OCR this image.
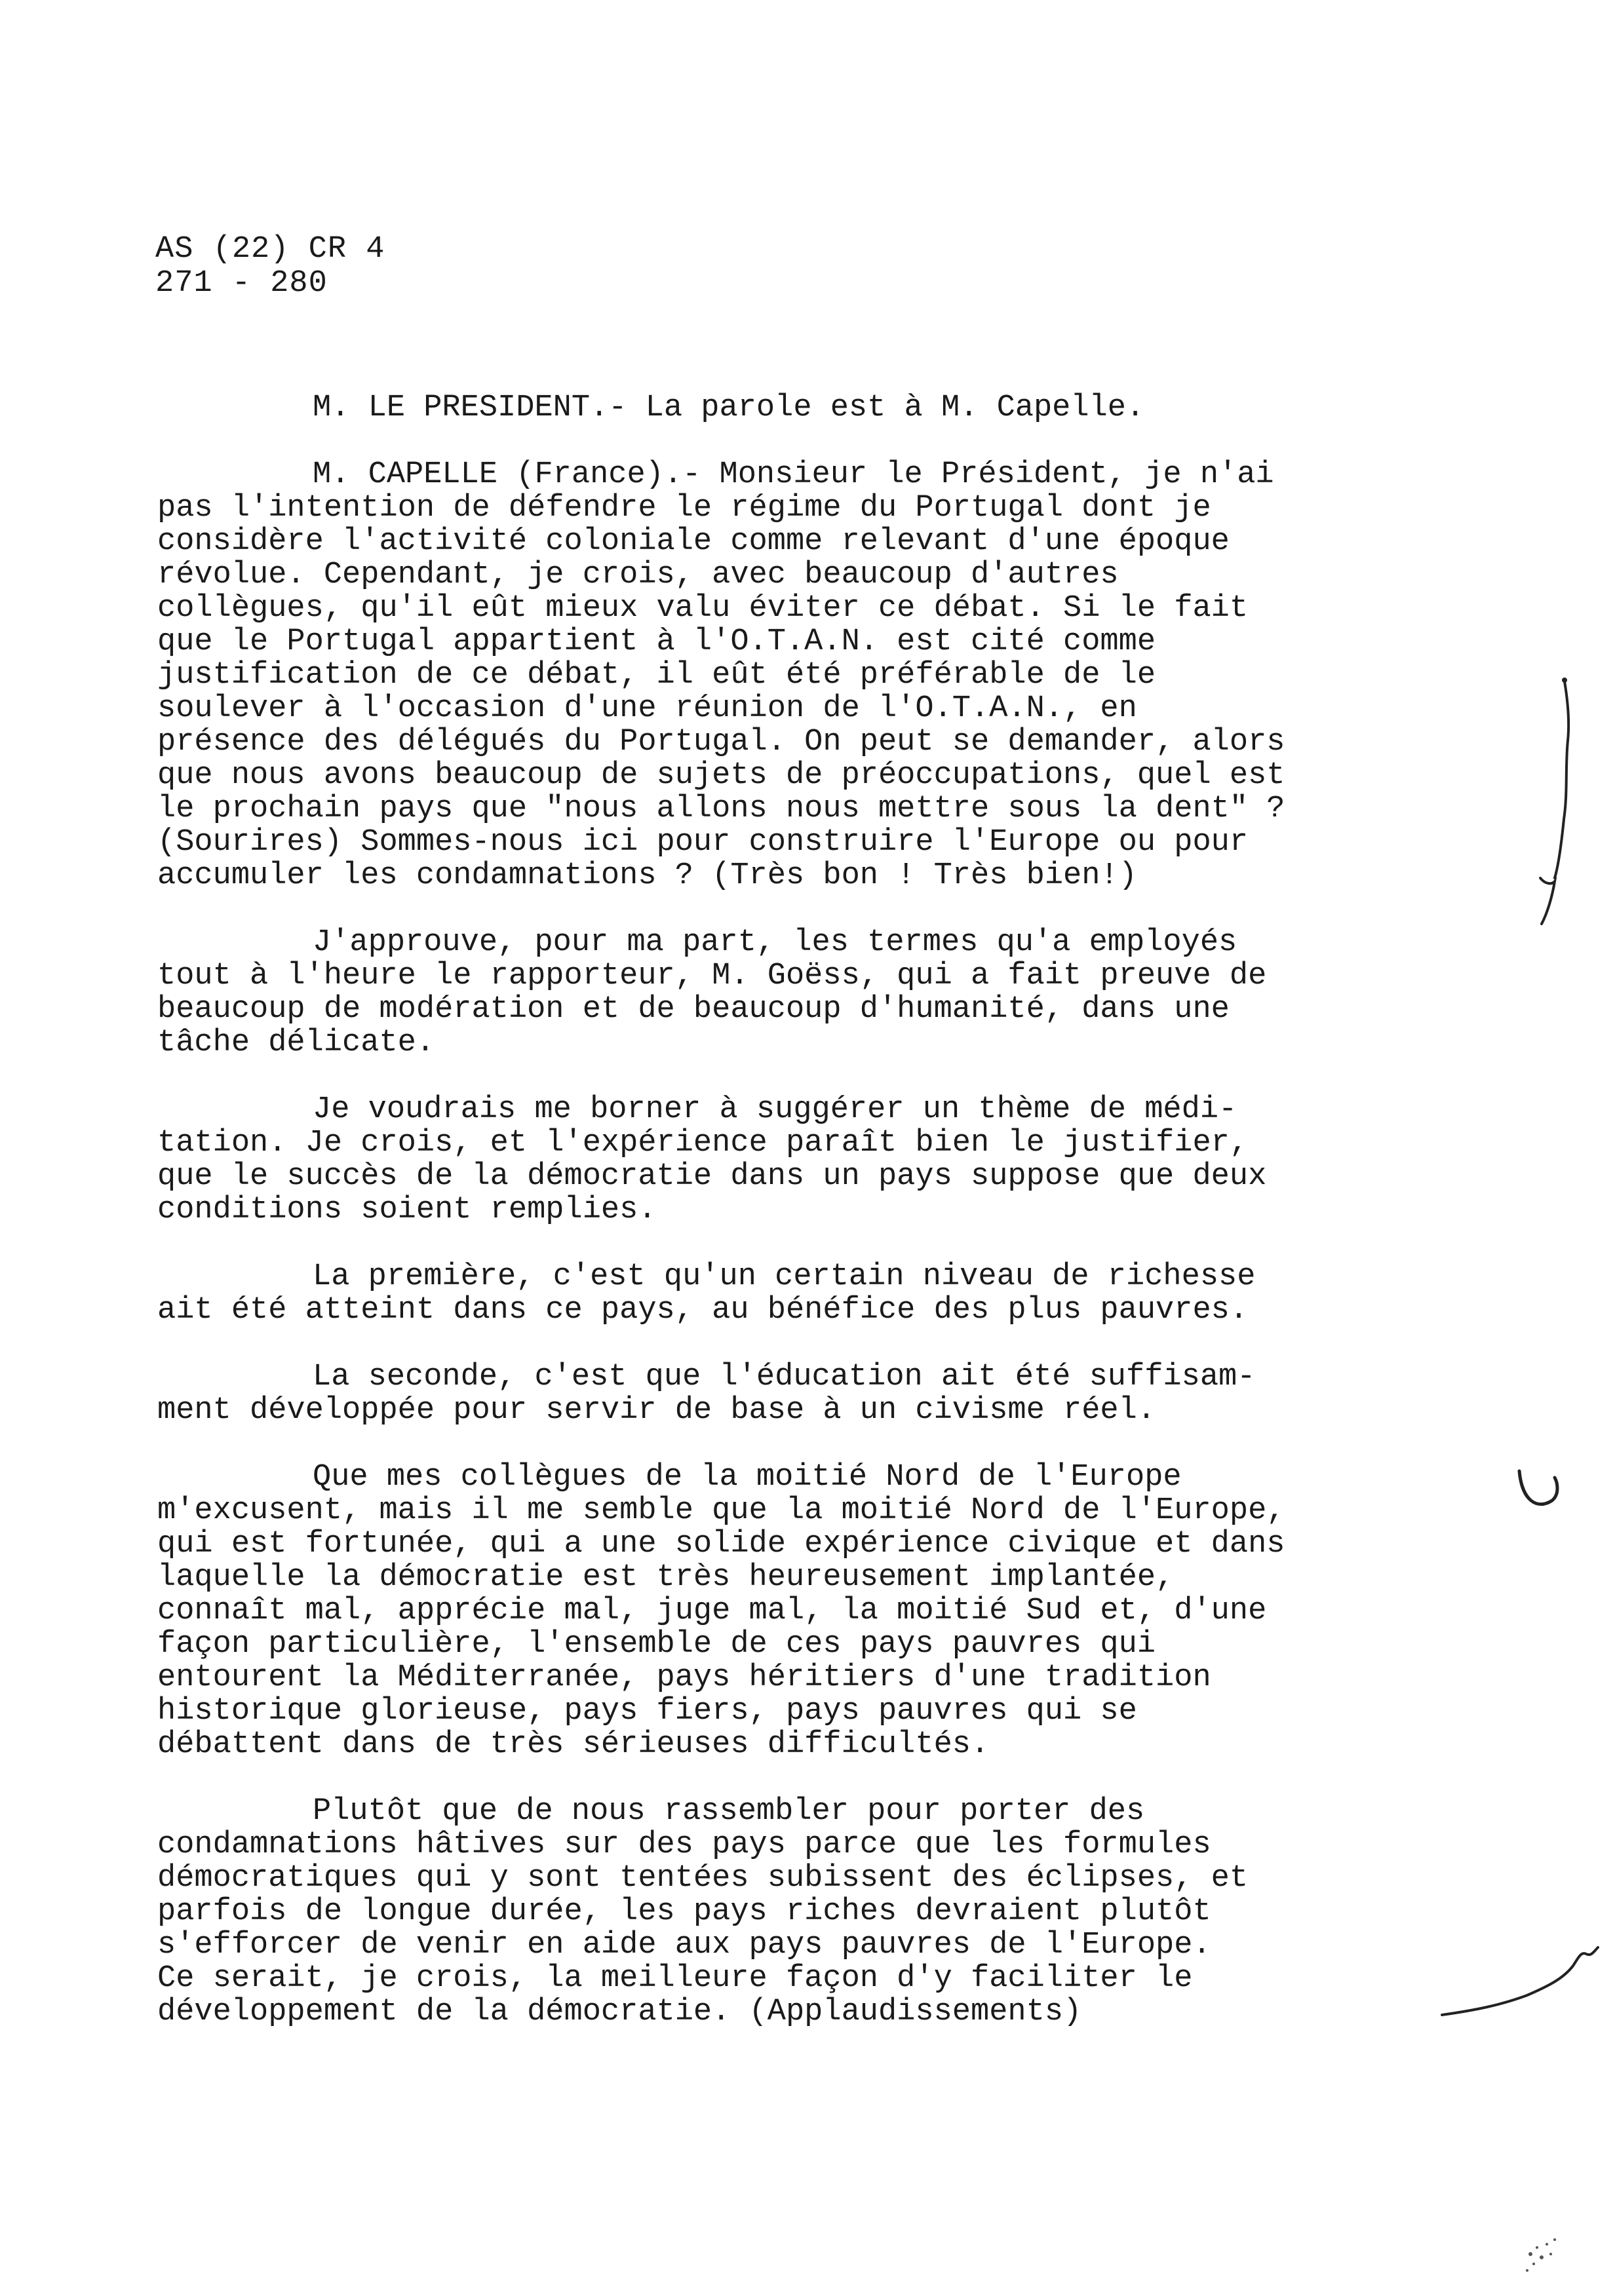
AS (22) CR 4
271 - 280
M. LE PRESIDENT.- La parole est à M. Capelle.
M. CAPELLE (France).- Monsieur le Président, je n'ai
pas l'intention de défendre le régime du Portugal dont je
considère l'activité coloniale comme relevant d'une époque
révolue. Cependant, je crois, avec beaucoup d'autres
collègues, qu'il eût mieux valu éviter ce débat. Si le fait
que le Portugal appartient à l'O.T.A.N. est cité comme
justification de ce débat, il eût été préférable de le
soulever à l'occasion d'une réunion de l'O.T.A.N., en
présence des délégués du Portugal. On peut se demander, alors
que nous avons beaucoup de sujets de préoccupations, quel est
le prochain pays que "nous allons nous mettre sous la dent" ?
(Sourires) Sommes-nous ici pour construire l'Europe ou pour
accumuler les condamnations ? (Très bon ! Très bien!)
J'approuve, pour ma part, les termes qu'a employés
tout à l'heure le rapporteur, M. Goëss, qui a fait preuve de
beaucoup de modération et de beaucoup d'humanité, dans une
tâche délicate.
Je voudrais me borner à suggérer un thème de médi-
tation. Je crois, et l'expérience paraît bien le justifier,
que le succès de la démocratie dans un pays suppose que deux
conditions soient remplies.
La première, c'est qu'un certain niveau de richesse
ait été atteint dans ce pays, au bénéfice des plus pauvres.
La seconde, c'est que l'éducation ait été suffisam-
ment développée pour servir de base à un civisme réel.
Que mes collègues de la moitié Nord de l'Europe
m'excusent, mais il me semble que la moitié Nord de l'Europe,
qui est fortunée, qui a une solide expérience civique et dans
laquelle la démocratie est très heureusement implantée,
connaît mal, apprécie mal, juge mal, la moitié Sud et, d'une
façon particulière, l'ensemble de ces pays pauvres qui
entourent la Méditerranée, pays héritiers d'une tradition
historique glorieuse, pays fiers, pays pauvres qui se
débattent dans de très sérieuses difficultés.
Plutôt que de nous rassembler pour porter des
condamnations hâtives sur des pays parce que les formules
démocratiques qui y sont tentées subissent des éclipses, et
parfois de longue durée, les pays riches devraient plutôt
s'efforcer de venir en aide aux pays pauvres de l'Europe.
Ce serait, je crois, la meilleure façon d'y faciliter le
développement de la démocratie. (Applaudissements)
